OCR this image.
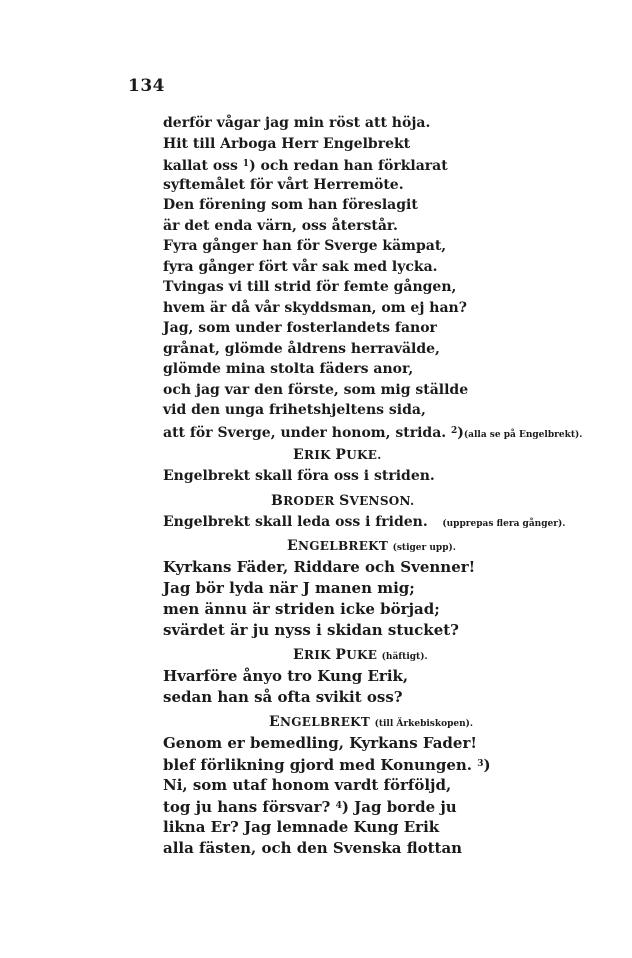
134
derför vågar jag min röst att höja.
Hit till Arboga Herr Engelbrekt
kallat oss $^1$) och redan han förklarat
syftemålet för vårt Herremöte.
Den förening som han föreslagit
är det enda värn, oss återstår.
Fyra gånger han för Sverge kämpat,
fyra gånger fört vår sak med lycka.
Tvingas vi till strid för femte gången,
hvem är då vår skyddsman, om ej han?
Jag, som under fosterlandets fanor
grånat, glömde åldrens herravälde,
glömde mina stolta fäders anor,
och jag var den förste, som mig ställde
vid den unga frihetshjeltens sida,
att för Sverge, under honom, strida. $^2$)(alla se på Engelbrekt).
ERIK PUKE.
Engelbrekt skall föra oss i striden.
BRODER SVENSON.
Engelbrekt skall leda oss i friden. (upprepas flera gånger).
ENGELBREKT (stiger upp).
Kyrkans Fäder, Riddare och Svenner!
Jag bör lyda när J manen mig;
men ännu är striden icke börjad;
svärdet är ju nyss i skidan stucket?
ERIK PUKE (häftigt).
Hvarföre ånyo tro Kung Erik,
sedan han så ofta svikit oss?
ENGELBREKT (till Ärkebiskopen).
Genom er bemedling, Kyrkans Fader!
blef förlikning gjord med Konungen. $^3$)
Ni, som utaf honom vardt förföljd,
tog ju hans försvar? $^4$) Jag borde ju
likna Er? Jag lemnade Kung Erik
alla fästen, och den Svenska flottan
